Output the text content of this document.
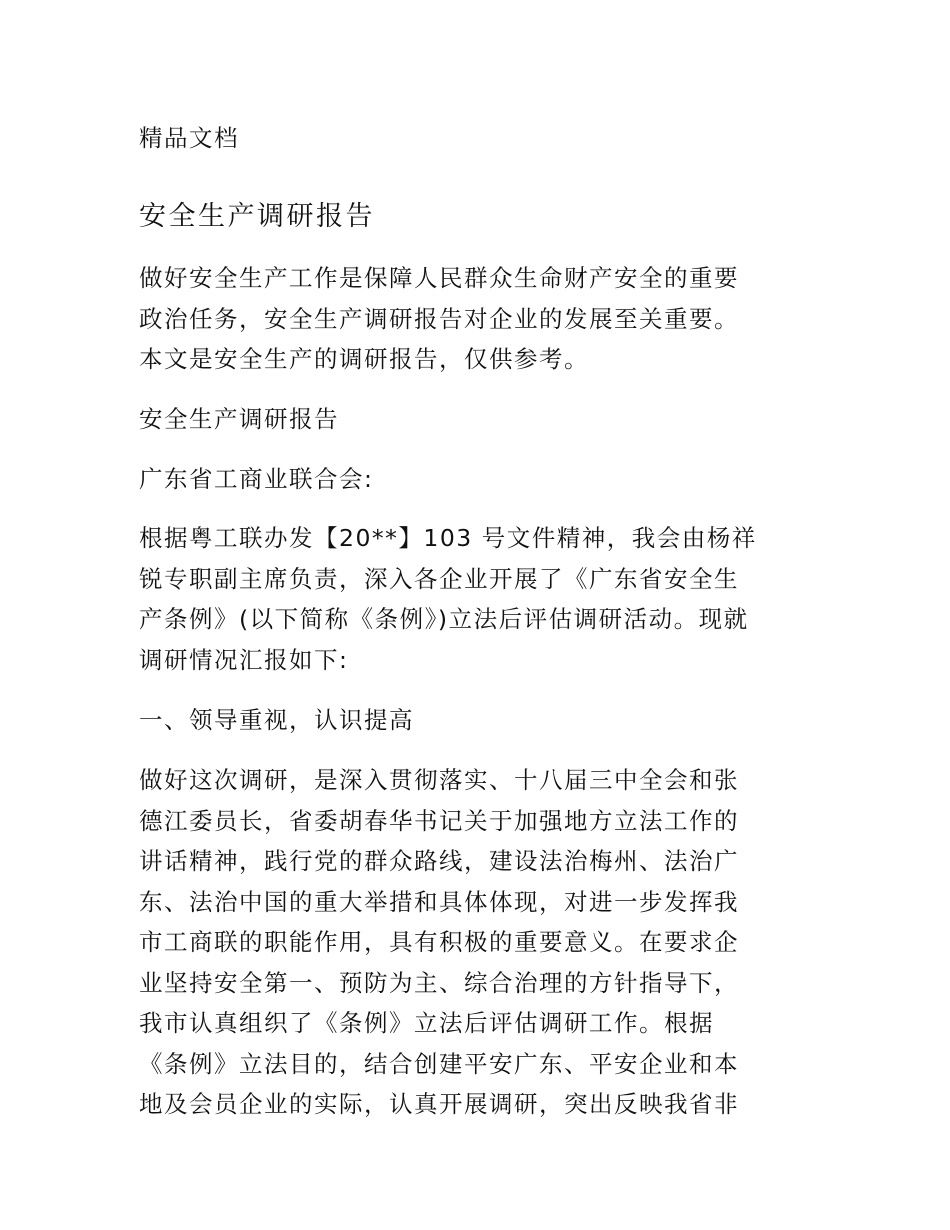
精品文档
安全生产调研报告
做好安全生产工作是保障人民群众生命财产安全的重要
政治任务，安全生产调研报告对企业的发展至关重要。
本文是安全生产的调研报告，仅供参考。
安全生产调研报告
广东省工商业联合会:
根据粤工联办发【20**】103 号文件精神，我会由杨祥
锐专职副主席负责，深入各企业开展了《广东省安全生
产条例》(以下简称《条例》)立法后评估调研活动。现就
调研情况汇报如下:
一、领导重视，认识提高
做好这次调研，是深入贯彻落实、十八届三中全会和张
德江委员长，省委胡春华书记关于加强地方立法工作的
讲话精神，践行党的群众路线，建设法治梅州、法治广
东、法治中国的重大举措和具体体现，对进一步发挥我
市工商联的职能作用，具有积极的重要意义。在要求企
业坚持安全第一、预防为主、综合治理的方针指导下，
我市认真组织了《条例》立法后评估调研工作。根据
《条例》立法目的，结合创建平安广东、平安企业和本
地及会员企业的实际，认真开展调研，突出反映我省非
